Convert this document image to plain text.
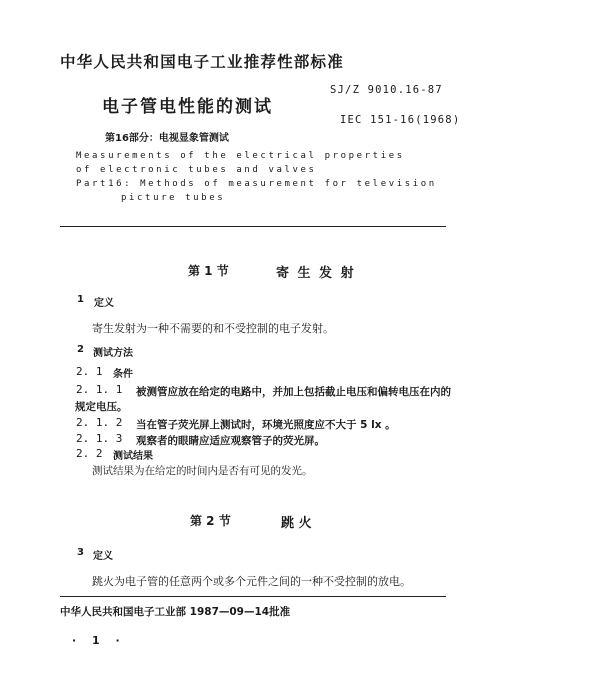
中华人民共和国电子工业推荐性部标准
电子管电性能的测试
SJ/Z 9010.16-87
IEC 151-16(1968)
第16部分：电视显象管测试
Measurements of the electrical properties
of electronic tubes and valves
Part16: Methods of measurement for television
picture tubes
第 1 节	寄 生 发 射
1 定义
寄生发射为一种不需要的和不受控制的电子发射。
2 测试方法
2. 1 条件
2. 1. 1 被测管应放在给定的电路中，并加上包括截止电压和偏转电压在内的
规定电压。
2. 1. 2 当在管子荧光屏上测试时，环境光照度应不大于 5 lx 。
2. 1. 3 观察者的眼睛应适应观察管子的荧光屏。
2. 2 测试结果
测试结果为在给定的时间内是否有可见的发光。
第 2 节	跳 火
3 定义
跳火为电子管的任意两个或多个元件之间的一种不受控制的放电。
中华人民共和国电子工业部 1987—09—14批准
· 1 ·
